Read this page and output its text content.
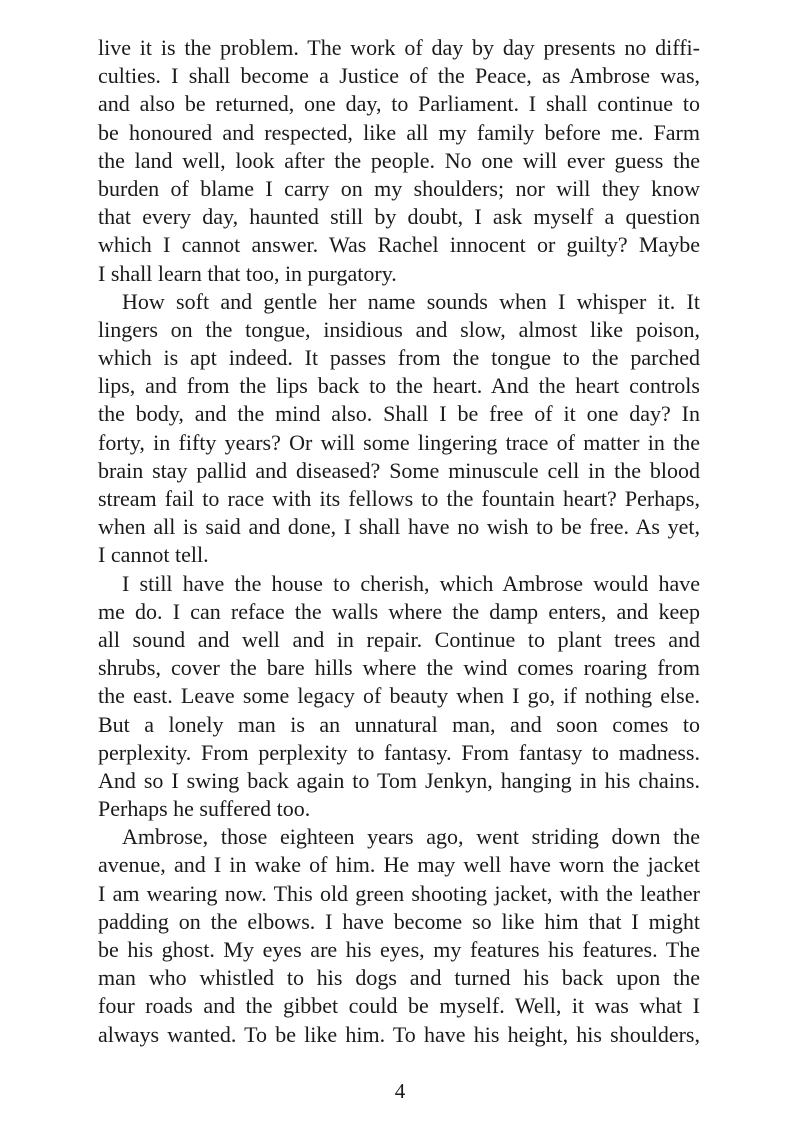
live it is the problem. The work of day by day presents no diffi-
culties. I shall become a Justice of the Peace, as Ambrose was,
and also be returned, one day, to Parliament. I shall continue to
be honoured and respected, like all my family before me. Farm
the land well, look after the people. No one will ever guess the
burden of blame I carry on my shoulders; nor will they know
that every day, haunted still by doubt, I ask myself a question
which I cannot answer. Was Rachel innocent or guilty? Maybe
I shall learn that too, in purgatory.
How soft and gentle her name sounds when I whisper it. It
lingers on the tongue, insidious and slow, almost like poison,
which is apt indeed. It passes from the tongue to the parched
lips, and from the lips back to the heart. And the heart controls
the body, and the mind also. Shall I be free of it one day? In
forty, in fifty years? Or will some lingering trace of matter in the
brain stay pallid and diseased? Some minuscule cell in the blood
stream fail to race with its fellows to the fountain heart? Perhaps,
when all is said and done, I shall have no wish to be free. As yet,
I cannot tell.
I still have the house to cherish, which Ambrose would have
me do. I can reface the walls where the damp enters, and keep
all sound and well and in repair. Continue to plant trees and
shrubs, cover the bare hills where the wind comes roaring from
the east. Leave some legacy of beauty when I go, if nothing else.
But a lonely man is an unnatural man, and soon comes to
perplexity. From perplexity to fantasy. From fantasy to madness.
And so I swing back again to Tom Jenkyn, hanging in his chains.
Perhaps he suffered too.
Ambrose, those eighteen years ago, went striding down the
avenue, and I in wake of him. He may well have worn the jacket
I am wearing now. This old green shooting jacket, with the leather
padding on the elbows. I have become so like him that I might
be his ghost. My eyes are his eyes, my features his features. The
man who whistled to his dogs and turned his back upon the
four roads and the gibbet could be myself. Well, it was what I
always wanted. To be like him. To have his height, his shoulders,
4
